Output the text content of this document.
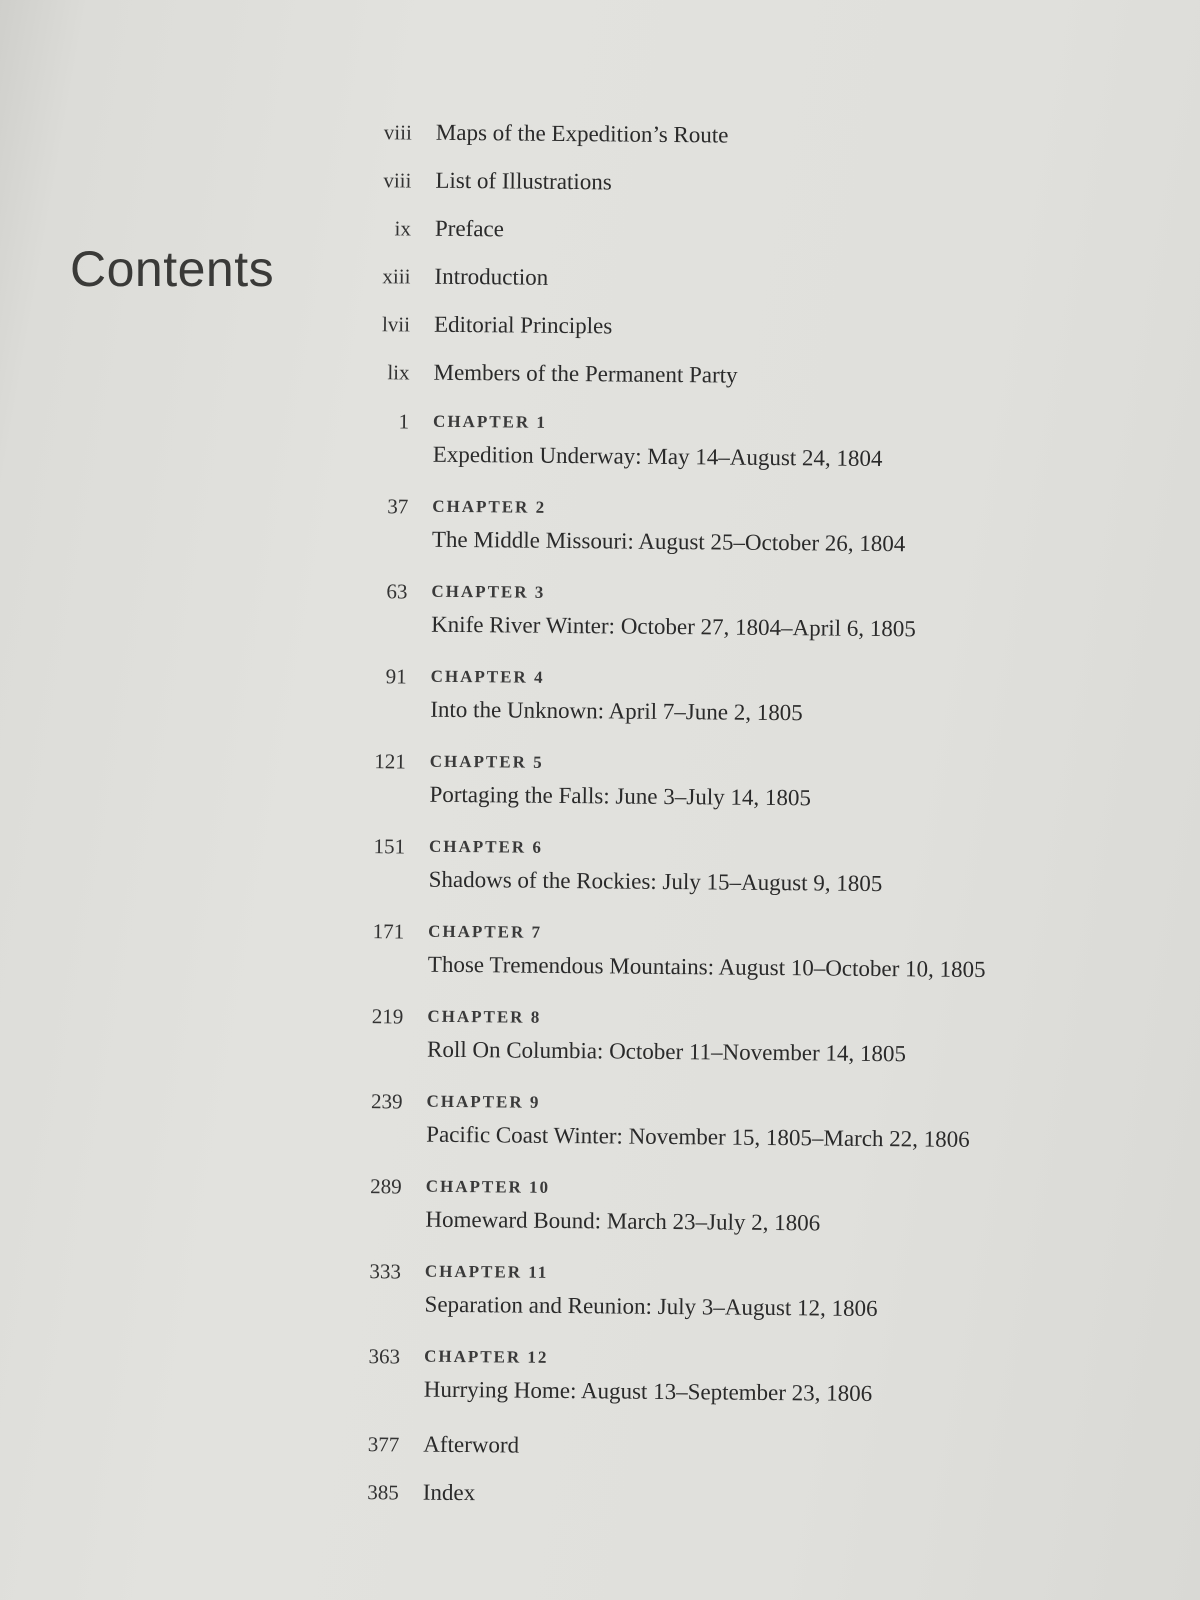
Contents
viii Maps of the Expedition’s Route
viii List of Illustrations
ix Preface
xiii Introduction
lvii Editorial Principles
lix Members of the Permanent Party
1 CHAPTER 1
Expedition Underway: May 14–August 24, 1804
37 CHAPTER 2
The Middle Missouri: August 25–October 26, 1804
63 CHAPTER 3
Knife River Winter: October 27, 1804–April 6, 1805
91 CHAPTER 4
Into the Unknown: April 7–June 2, 1805
121 CHAPTER 5
Portaging the Falls: June 3–July 14, 1805
151 CHAPTER 6
Shadows of the Rockies: July 15–August 9, 1805
171 CHAPTER 7
Those Tremendous Mountains: August 10–October 10, 1805
219 CHAPTER 8
Roll On Columbia: October 11–November 14, 1805
239 CHAPTER 9
Pacific Coast Winter: November 15, 1805–March 22, 1806
289 CHAPTER 10
Homeward Bound: March 23–July 2, 1806
333 CHAPTER 11
Separation and Reunion: July 3–August 12, 1806
363 CHAPTER 12
Hurrying Home: August 13–September 23, 1806
377 Afterword
385 Index
